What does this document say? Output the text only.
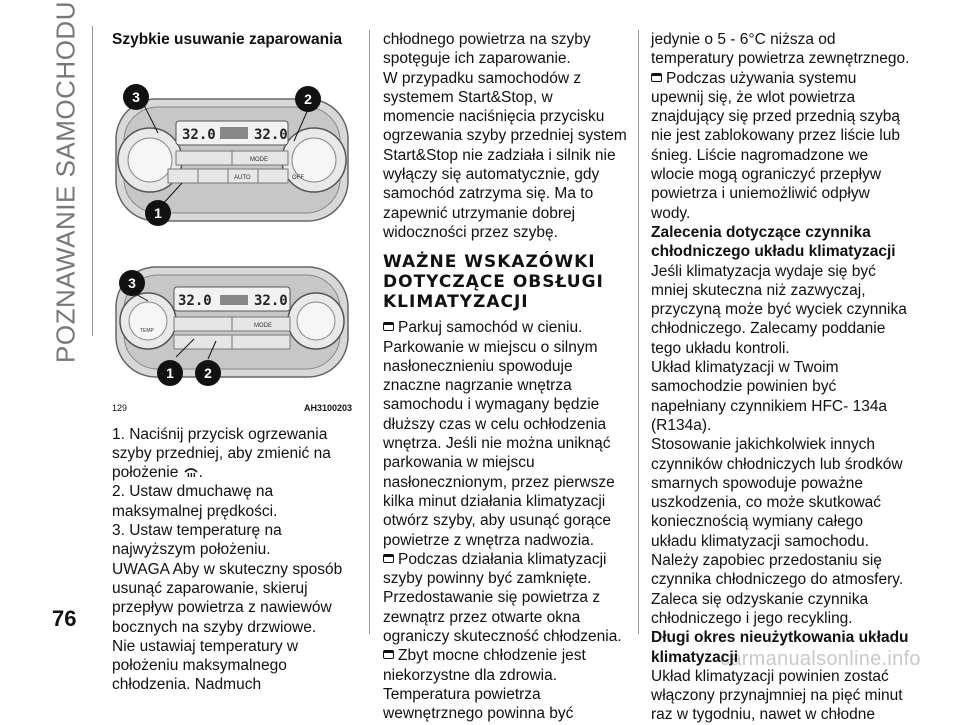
POZNAWANIE SAMOCHODU
76
carmanualsonline.info

Szybkie usuwanie zaparowania

32.0	32.0
MODE
AUTO	OFF
3	2
1
TEMP
32.0	32.0
MODE
3
1 2
129	AH3100203

1. Naciśnij przycisk ogrzewania szyby przedniej, aby zmienić na położenie .

2. Ustaw dmuchawę na maksymalnej prędkości.

3. Ustaw temperaturę na najwyższym położeniu.

UWAGA Aby w skuteczny sposób usunąć zaparowanie, skieruj przepływ powietrza z nawiewów bocznych na szyby drzwiowe.

Nie ustawiaj temperatury w położeniu maksymalnego chłodzenia. Nadmuch

chłodnego powietrza na szyby spotęguje ich zaparowanie.

W przypadku samochodów z systemem Start&Stop, w momencie naciśnięcia przycisku ogrzewania szyby przedniej system Start&Stop nie zadziała i silnik nie wyłączy się automatycznie, gdy samochód zatrzyma się. Ma to zapewnić utrzymanie dobrej widoczności przez szybę.

WAŻNE WSKAZÓWKI DOTYCZĄCE OBSŁUGI KLIMATYZACJI

Parkuj samochód w cieniu. Parkowanie w miejscu o silnym nasłonecznieniu spowoduje znaczne nagrzanie wnętrza samochodu i wymagany będzie dłuższy czas w celu ochłodzenia wnętrza. Jeśli nie można uniknąć parkowania w miejscu nasłonecznionym, przez pierwsze kilka minut działania klimatyzacji otwórz szyby, aby usunąć gorące powietrze z wnętrza nadwozia.

Podczas działania klimatyzacji szyby powinny być zamknięte. Przedostawanie się powietrza z zewnątrz przez otwarte okna ograniczy skuteczność chłodzenia.

Zbyt mocne chłodzenie jest niekorzystne dla zdrowia. Temperatura powietrza wewnętrznego powinna być

jedynie o 5 - 6°C niższa od temperatury powietrza zewnętrznego.

Podczas używania systemu upewnij się, że wlot powietrza znajdujący się przed przednią szybą nie jest zablokowany przez liście lub śnieg. Liście nagromadzone we wlocie mogą ograniczyć przepływ powietrza i uniemożliwić odpływ wody.

Zalecenia dotyczące czynnika chłodniczego układu klimatyzacji

Jeśli klimatyzacja wydaje się być mniej skuteczna niż zazwyczaj, przyczyną może być wyciek czynnika chłodniczego. Zalecamy poddanie tego układu kontroli.

Układ klimatyzacji w Twoim samochodzie powinien być napełniany czynnikiem HFC- 134a (R134a).

Stosowanie jakichkolwiek innych czynników chłodniczych lub środków smarnych spowoduje poważne uszkodzenia, co może skutkować koniecznością wymiany całego układu klimatyzacji samochodu. Należy zapobiec przedostaniu się czynnika chłodniczego do atmosfery.

Zaleca się odzyskanie czynnika chłodniczego i jego recykling.

Długi okres nieużytkowania układu klimatyzacji

Układ klimatyzacji powinien zostać włączony przynajmniej na pięć minut raz w tygodniu, nawet w chłodne
